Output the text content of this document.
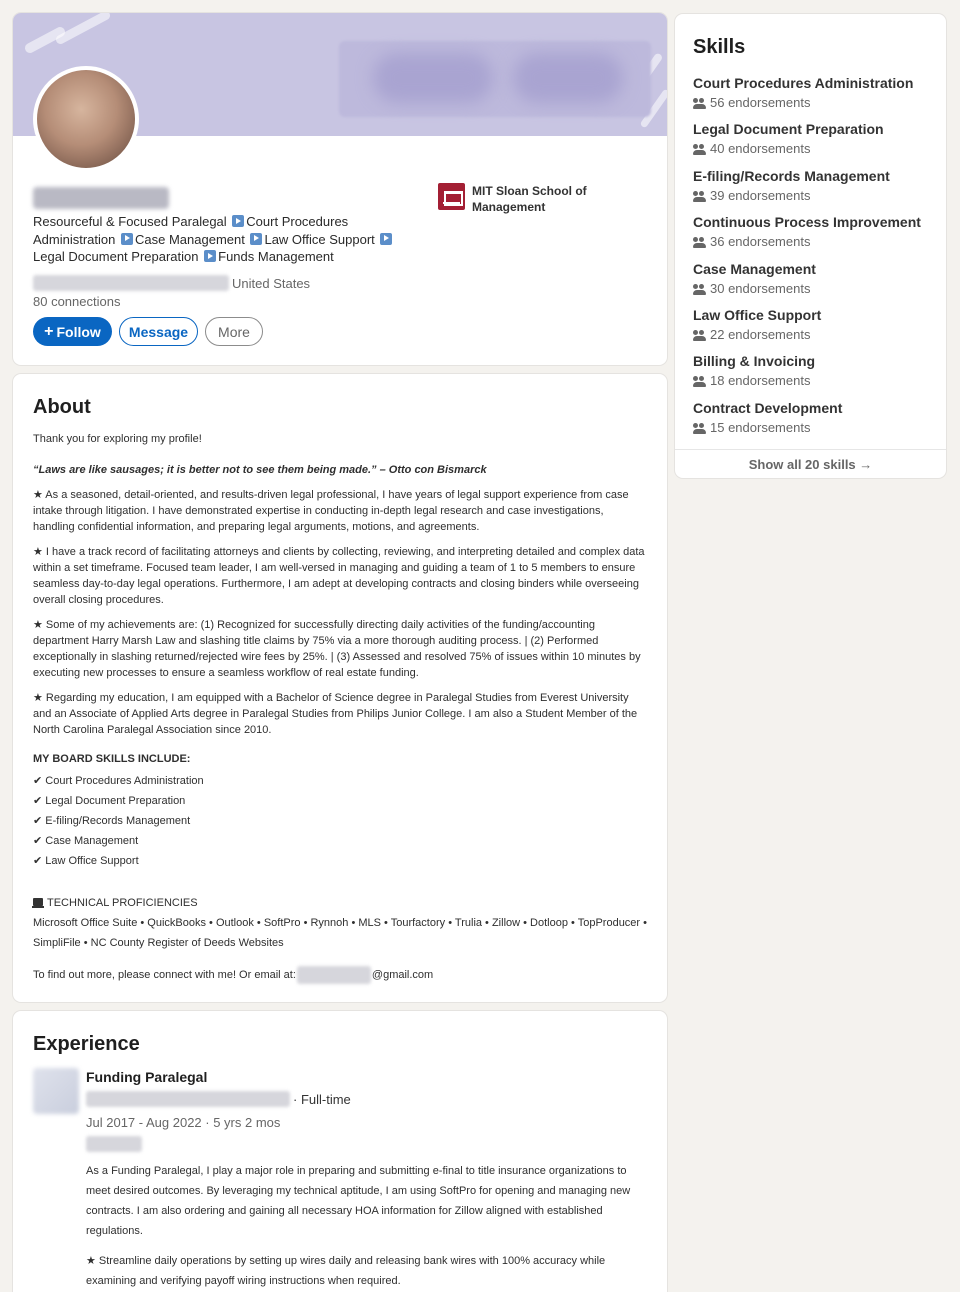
Resourceful & Focused Paralegal Court Procedures Administration Case Management Law Office Support  Legal Document Preparation Funds Management
United States
80 connections
+ Follow	Message	More
MIT Sloan School of Management
About

Thank you for exploring my profile!

“Laws are like sausages; it is better not to see them being made.” – Otto con Bismarck

★ As a seasoned, detail-oriented, and results-driven legal professional, I have years of legal support experience from case intake through litigation. I have demonstrated expertise in conducting in-depth legal research and case investigations, handling confidential information, and preparing legal arguments, motions, and agreements.

★ I have a track record of facilitating attorneys and clients by collecting, reviewing, and interpreting detailed and complex data within a set timeframe. Focused team leader, I am well-versed in managing and guiding a team of 1 to 5 members to ensure seamless day-to-day legal operations. Furthermore, I am adept at developing contracts and closing binders while overseeing overall closing procedures.

★ Some of my achievements are: (1) Recognized for successfully directing daily activities of the funding/accounting department Harry Marsh Law and slashing title claims by 75% via a more thorough auditing process. | (2) Performed exceptionally in slashing returned/rejected wire fees by 25%. | (3) Assessed and resolved 75% of issues within 10 minutes by executing new processes to ensure a seamless workflow of real estate funding.

★ Regarding my education, I am equipped with a Bachelor of Science degree in Paralegal Studies from Everest University and an Associate of Applied Arts degree in Paralegal Studies from Philips Junior College. I am also a Student Member of the North Carolina Paralegal Association since 2010.

MY BOARD SKILLS INCLUDE:
✔ Court Procedures Administration
✔ Legal Document Preparation
✔ E-filing/Records Management
✔ Case Management
✔ Law Office Support
TECHNICAL PROFICIENCIES
Microsoft Office Suite • QuickBooks • Outlook • SoftPro • Rynnoh • MLS • Tourfactory • Trulia • Zillow • Dotloop • TopProducer • SimpliFile • NC County Register of Deeds Websites
To find out more, please connect with me! Or email at:	@gmail.com
Experience
Funding Paralegal
· Full-time
Jul 2017 - Aug 2022 · 5 yrs 2 mos

As a Funding Paralegal, I play a major role in preparing and submitting e-final to title insurance organizations to meet desired outcomes. By leveraging my technical aptitude, I am using SoftPro for opening and managing new contracts. I am also ordering and gaining all necessary HOA information for Zillow aligned with established regulations.

★ Streamline daily operations by setting up wires daily and releasing bank wires with 100% accuracy while examining and verifying payoff wiring instructions when required.

Skills
Court Procedures Administration
56 endorsements
Legal Document Preparation
40 endorsements
E-filing/Records Management
39 endorsements
Continuous Process Improvement
36 endorsements
Case Management
30 endorsements
Law Office Support
22 endorsements
Billing & Invoicing
18 endorsements
Contract Development
15 endorsements
Show all 20 skills →
